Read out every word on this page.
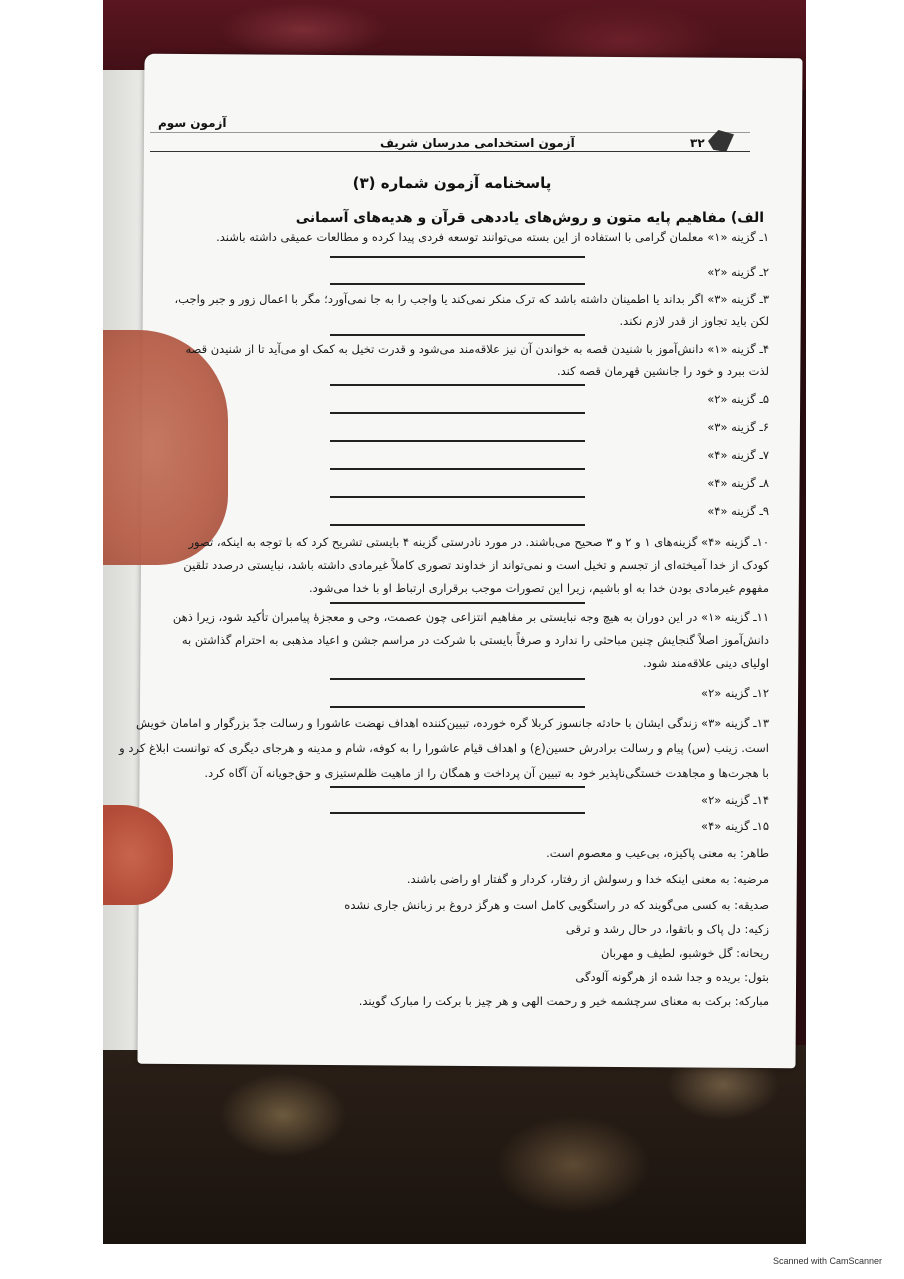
آزمون سوم
آزمون استخدامی مدرسان شریف	۳۲
پاسخنامه آزمون شماره (۳)
الف) مفاهیم پایه متون و روش‌های یاددهی قرآن و هدیه‌های آسمانی
۱ـ گزینه «۱» معلمان گرامی با استفاده از این بسته می‌توانند توسعه فردی پیدا کرده و مطالعات عمیقی داشته باشند.
۲ـ گزینه «۲»
۳ـ گزینه «۳» اگر بداند یا اطمینان داشته باشد که ترک منکر نمی‌کند یا واجب را به جا نمی‌آورد؛ مگر با اعمال زور و جبر واجب،
لکن باید تجاوز از قدر لازم نکند.
۴ـ گزینه «۱» دانش‌آموز با شنیدن قصه به خواندن آن نیز علاقه‌مند می‌شود و قدرت تخیل به کمک او می‌آید تا از شنیدن قصه
لذت ببرد و خود را جانشین قهرمان قصه کند.
۵ـ گزینه «۲»
۶ـ گزینه «۳»
۷ـ گزینه «۴»
۸ـ گزینه «۴»
۹ـ گزینه «۴»
۱۰ـ گزینه «۴» گزینه‌های ۱ و ۲ و ۳ صحیح می‌باشند. در مورد نادرستی گزینه ۴ بایستی تشریح کرد که با توجه به اینکه، تصور
کودک از خدا آمیخته‌ای از تجسم و تخیل است و نمی‌تواند از خداوند تصوری کاملاً غیرمادی داشته باشد، نبایستی درصدد تلقین
مفهوم غیرمادی بودن خدا به او باشیم، زیرا این تصورات موجب برقراری ارتباط او با خدا می‌شود.
۱۱ـ گزینه «۱» در این دوران به هیچ وجه نبایستی بر مفاهیم انتزاعی چون عصمت، وحی و معجزهٔ پیامبران تأکید شود، زیرا ذهن
دانش‌آموز اصلاً گنجایش چنین مباحثی را ندارد و صرفاً بایستی با شرکت در مراسم جشن و اعیاد مذهبی به احترام گذاشتن به
اولیای دینی علاقه‌مند شود.
۱۲ـ گزینه «۲»
۱۳ـ گزینه «۳» زندگی ایشان با حادثه جانسوز کربلا گره خورده، تبیین‌کننده اهداف نهضت عاشورا و رسالت جدّ بزرگوار و امامان خویش
است. زینب (س) پیام و رسالت برادرش حسین(ع) و اهداف قیام عاشورا را به کوفه، شام و مدینه و هرجای دیگری که توانست ابلاغ کرد و
با هجرت‌ها و مجاهدت خستگی‌ناپذیر خود به تبیین آن پرداخت و همگان را از ماهیت ظلم‌ستیزی و حق‌جویانه آن آگاه کرد.
۱۴ـ گزینه «۲»
۱۵ـ گزینه «۴»
طاهر: به معنی پاکیزه، بی‌عیب و معصوم است.
مرضیه: به معنی اینکه خدا و رسولش از رفتار، کردار و گفتار او راضی باشند.
صدیقه: به کسی می‌گویند که در راستگویی کامل است و هرگز دروغ بر زبانش جاری نشده
زکیه: دل پاک و باتقوا، در حال رشد و ترقی
ریحانه: گل خوشبو، لطیف و مهربان
بتول: بریده و جدا شده از هرگونه آلودگی
مبارکه: برکت به معنای سرچشمه خیر و رحمت الهی و هر چیز با برکت را مبارک گویند.
Scanned with CamScanner
